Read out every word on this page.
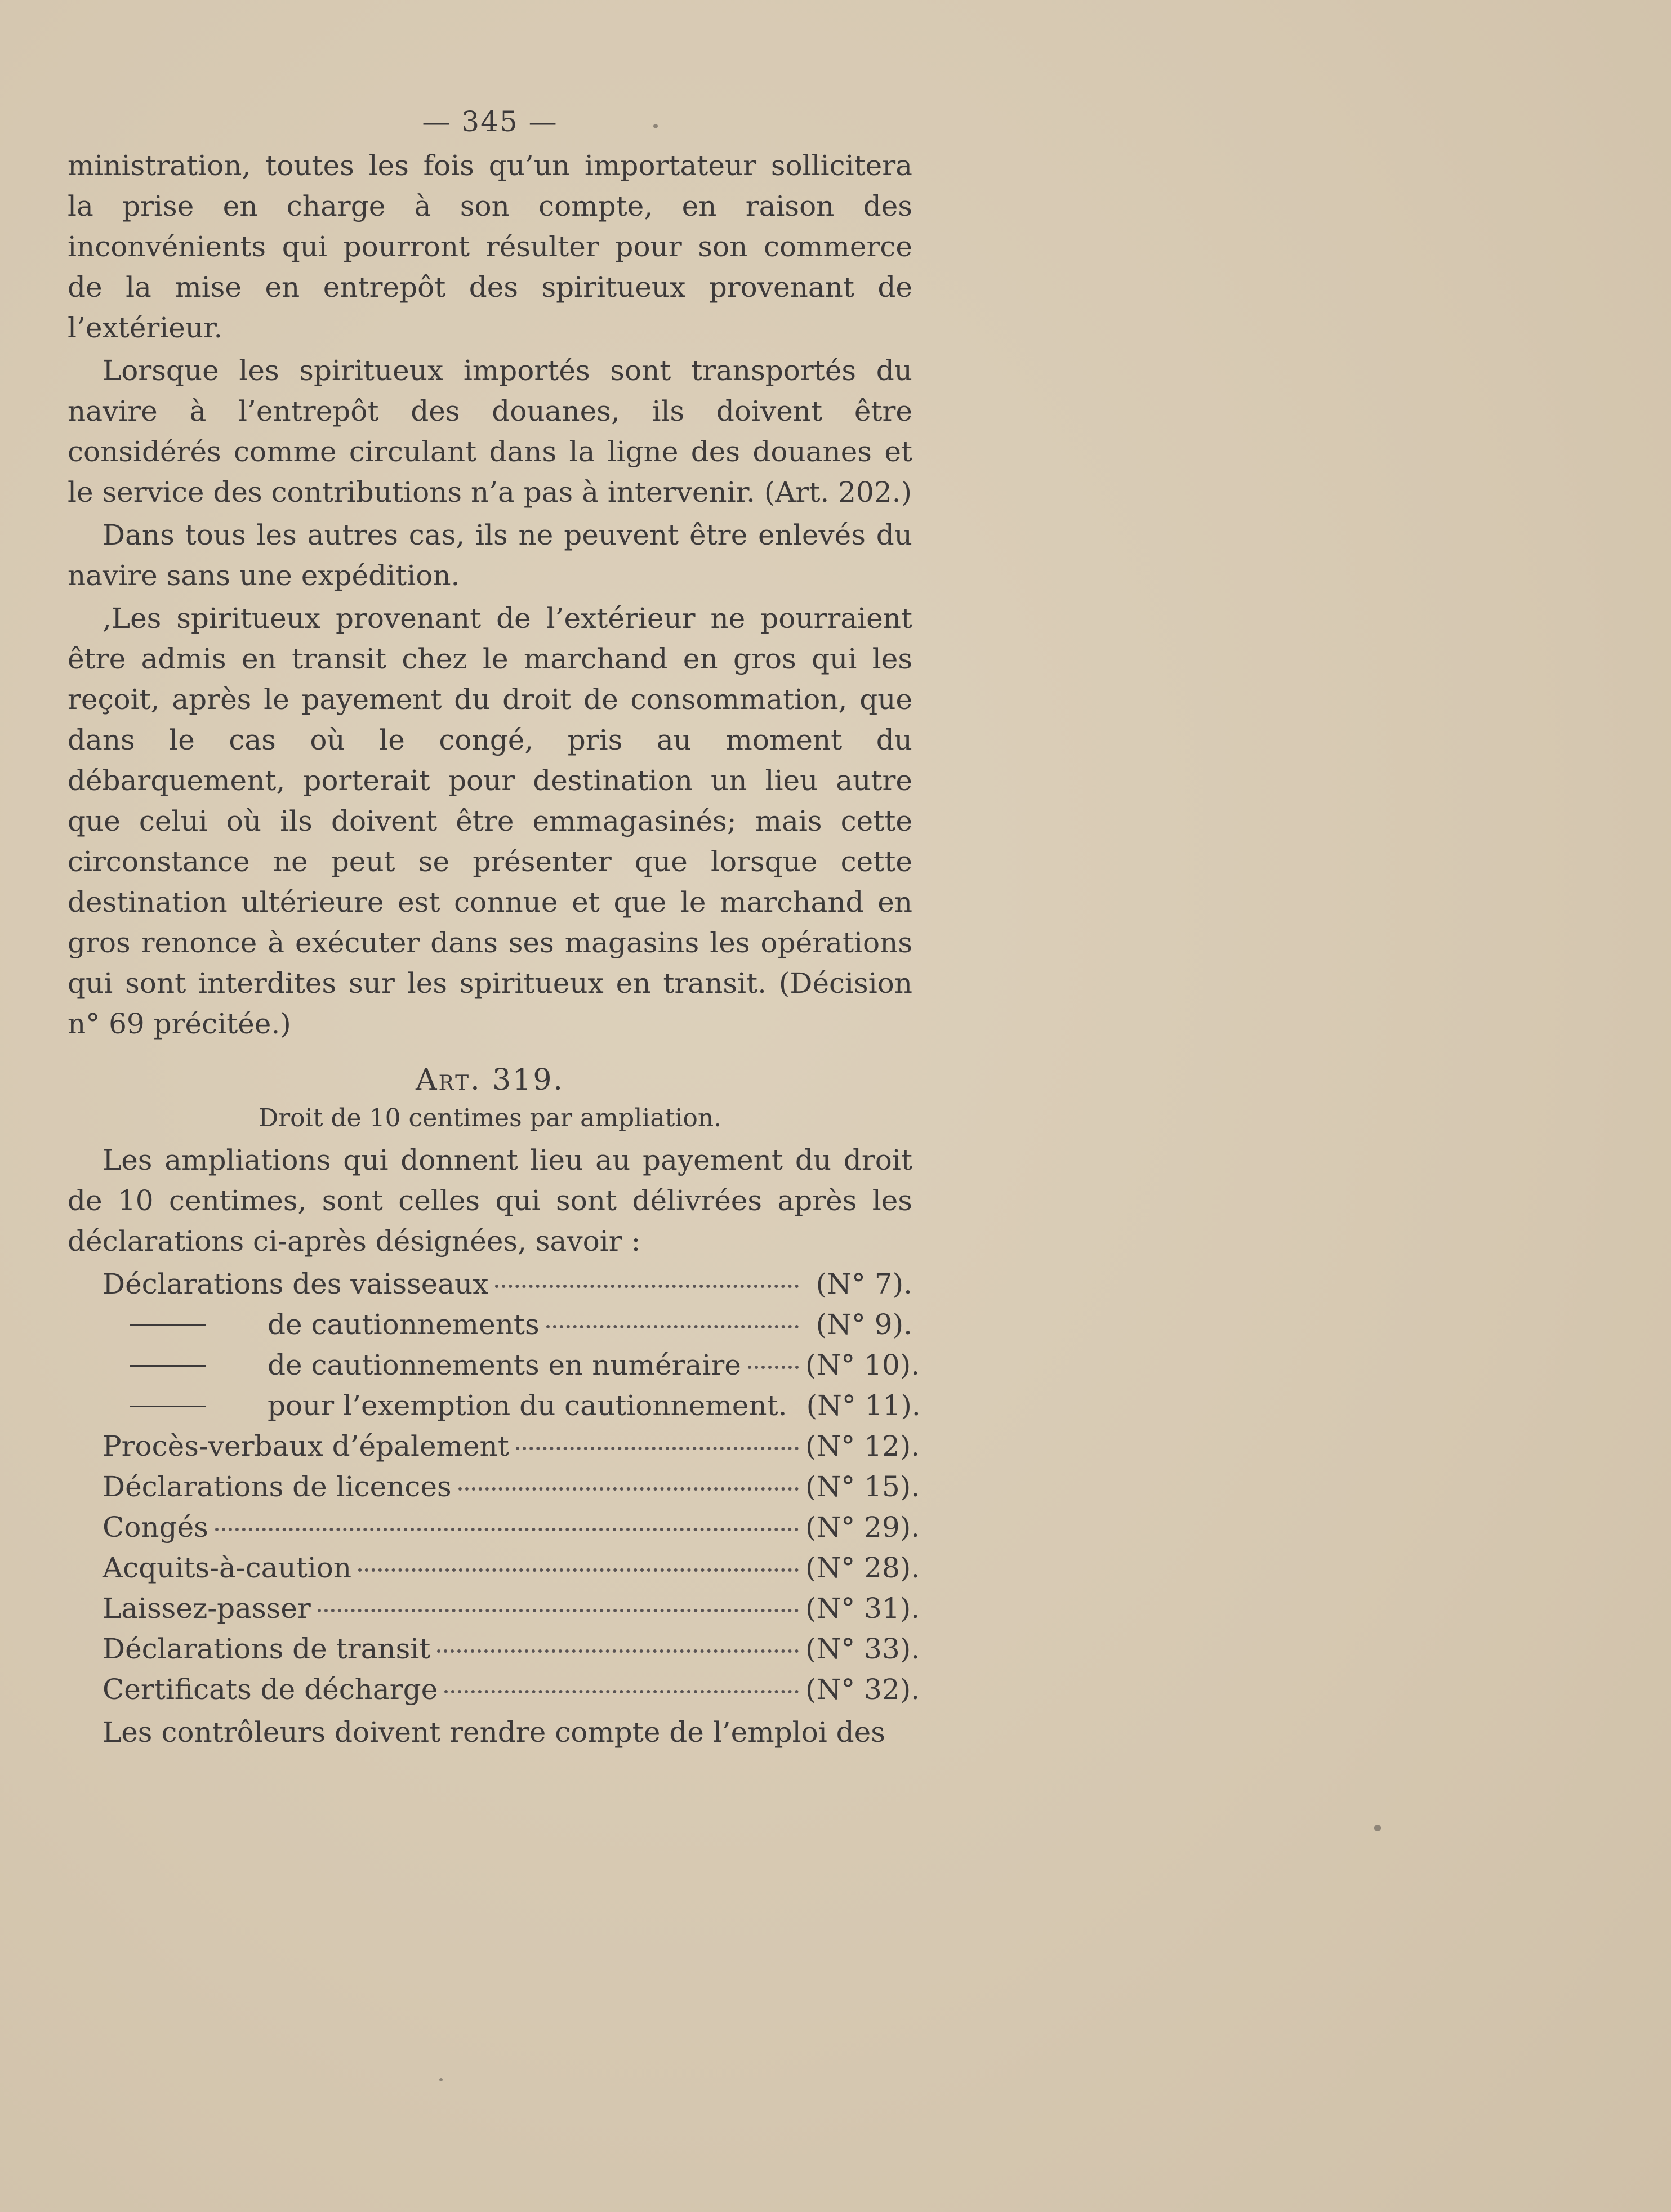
— 345 —

ministration, toutes les fois qu’un importateur sollicitera la prise en charge à son compte, en raison des inconvénients qui pourront résulter pour son commerce de la mise en entrepôt des spiritueux provenant de l’extérieur.

Lorsque les spiritueux importés sont transportés du navire à l’entrepôt des douanes, ils doivent être considérés comme circulant dans la ligne des douanes et le service des contributions n’a pas à intervenir. (Art. 202.)

Dans tous les autres cas, ils ne peuvent être enlevés du navire sans une expédition.

,Les spiritueux provenant de l’extérieur ne pourraient être admis en transit chez le marchand en gros qui les reçoit, après le payement du droit de consommation, que dans le cas où le congé, pris au moment du débarquement, porterait pour destination un lieu autre que celui où ils doivent être emmagasinés; mais cette circonstance ne peut se présenter que lorsque cette destination ultérieure est connue et que le marchand en gros renonce à exécuter dans ses magasins les opérations qui sont interdites sur les spiritueux en transit. (Décision n° 69 précitée.)

Art. 319.
Droit de 10 centimes par ampliation.

Les ampliations qui donnent lieu au payement du droit de 10 centimes, sont celles qui sont délivrées après les déclarations ci-après désignées, savoir :

Déclarations des vaisseaux	(N° 7).
de cautionnements	(N° 9).
de cautionnements en numéraire (N° 10).
pour l’exemption du cautionnement. (N° 11).
Procès-verbaux d’épalement	(N° 12).
Déclarations de licences	(N° 15).
Congés	(N° 29).
Acquits-à-caution	(N° 28).
Laissez-passer	(N° 31).
Déclarations de transit	(N° 33).
Certificats de décharge	(N° 32).

Les contrôleurs doivent rendre compte de l’emploi des
